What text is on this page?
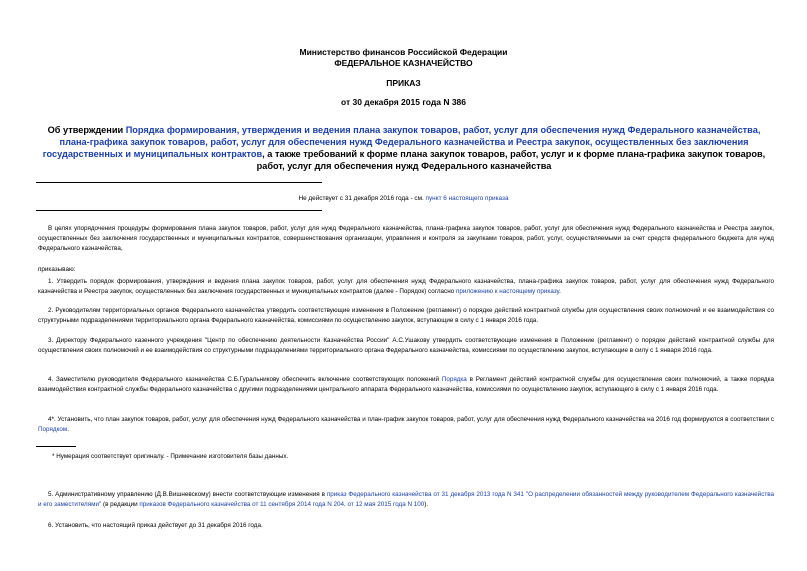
Министерство финансов Российской Федерации
ФЕДЕРАЛЬНОЕ КАЗНАЧЕЙСТВО
ПРИКАЗ
от 30 декабря 2015 года N 386
Об утверждении Порядка формирования, утверждения и ведения плана закупок товаров, работ, услуг для обеспечения нужд Федерального казначейства, плана-графика закупок товаров, работ, услуг для обеспечения нужд Федерального казначейства и Реестра закупок, осуществленных без заключения государственных и муниципальных контрактов, а также требований к форме плана закупок товаров, работ, услуг и к форме плана-графика закупок товаров, работ, услуг для обеспечения нужд Федерального казначейства
Не действует с 31 декабря 2016 года - см. пункт 6 настоящего приказа
В целях упорядочения процедуры формирования плана закупок товаров, работ, услуг для нужд Федерального казначейства, плана-графика закупок товаров, работ, услуг для обеспечения нужд Федерального казначейства и Реестра закупок, осуществленных без заключения государственных и муниципальных контрактов, совершенствования организации, управления и контроля за закупками товаров, работ, услуг, осуществляемыми за счет средств федерального бюджета для нужд Федерального казначейства,
приказываю:
1. Утвердить порядок формирования, утверждения и ведения плана закупок товаров, работ, услуг для обеспечения нужд Федерального казначейства, плана-графика закупок товаров, работ, услуг для обеспечения нужд Федерального казначейства и Реестра закупок, осуществленных без заключения государственных и муниципальных контрактов (далее - Порядок) согласно приложению к настоящему приказу.
2. Руководителям территориальных органов Федерального казначейства утвердить соответствующие изменения в Положение (регламент) о порядке действий контрактной службы для осуществления своих полномочий и ее взаимодействия со структурными подразделениями территориального органа Федерального казначейства, комиссиями по осуществлению закупок, вступающие в силу с 1 января 2016 года.
3. Директору Федерального казенного учреждения "Центр по обеспечению деятельности Казначейства России" А.С.Ушакову утвердить соответствующие изменения в Положение (регламент) о порядке действий контрактной службы для осуществления своих полномочий и ее взаимодействия со структурными подразделениями территориального органа Федерального казначейства, комиссиями по осуществлению закупок, вступающие в силу с 1 января 2016 года.
4. Заместителю руководителя Федерального казначейства С.Б.Гуральникову обеспечить включение соответствующих положений Порядка в Регламент действий контрактной службы для осуществления своих полномочий, а также порядка взаимодействия контрактной службы Федерального казначейства с другими подразделениями центрального аппарата Федерального казначейства, комиссиями по осуществлению закупок, вступающего в силу с 1 января 2016 года.
4*. Установить, что план закупок товаров, работ, услуг для обеспечения нужд Федерального казначейства и план-график закупок товаров, работ, услуг для обеспечения нужд Федерального казначейства на 2016 год формируются в соответствии с Порядком.
* Нумерация соответствует оригиналу. - Примечание изготовителя базы данных.
5. Административному управлению (Д.В.Вишневскому) внести соответствующие изменения в приказ Федерального казначейства от 31 декабря 2013 года N 341 "О распределении обязанностей между руководителем Федерального казначейства и его заместителями" (в редакции приказов Федерального казначейства от 11 сентября 2014 года N 204, от 12 мая 2015 года N 100).
6. Установить, что настоящий приказ действует до 31 декабря 2016 года.
